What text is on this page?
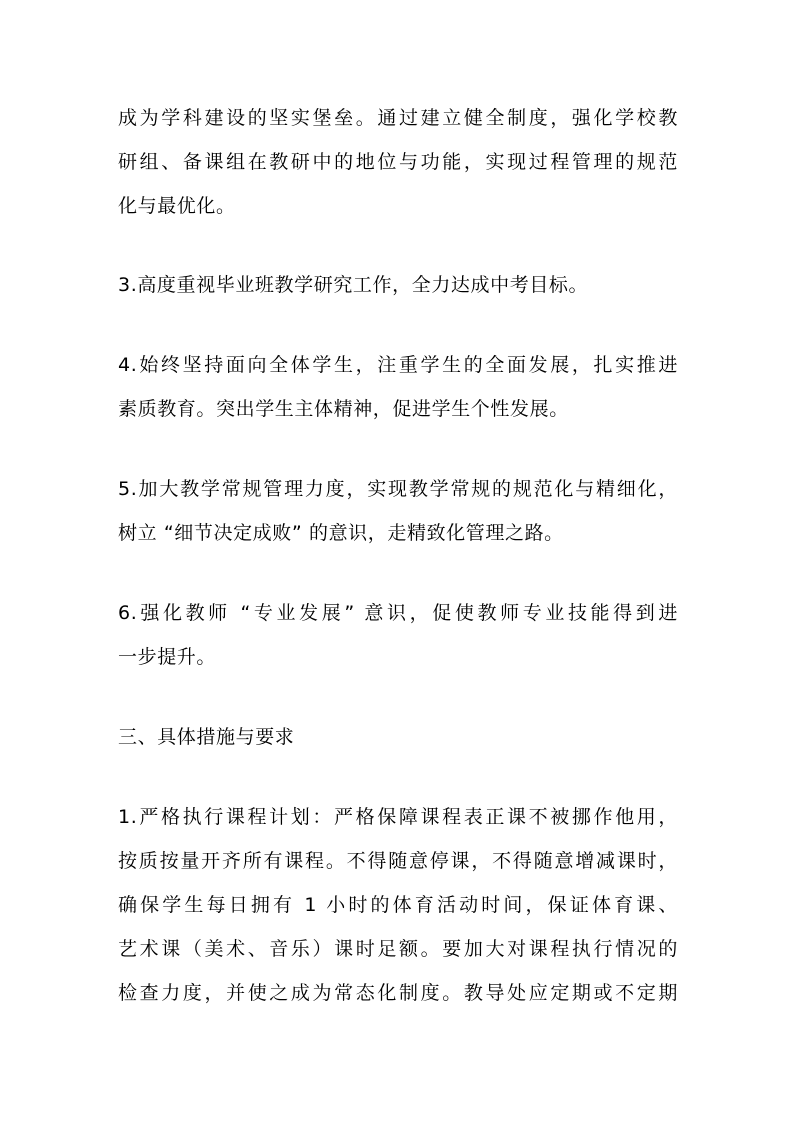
成为学科建设的坚实堡垒。通过建立健全制度，强化学校教
研组、备课组在教研中的地位与功能，实现过程管理的规范
化与最优化。
3.高度重视毕业班教学研究工作，全力达成中考目标。
4.始终坚持面向全体学生，注重学生的全面发展，扎实推进
素质教育。突出学生主体精神，促进学生个性发展。
5.加大教学常规管理力度，实现教学常规的规范化与精细化，
树立 “细节决定成败” 的意识，走精致化管理之路。
6.强化教师 “专业发展” 意识，促使教师专业技能得到进
一步提升。
三、具体措施与要求
1.严格执行课程计划：严格保障课程表正课不被挪作他用，
按质按量开齐所有课程。不得随意停课，不得随意增减课时，
确保学生每日拥有 1 小时的体育活动时间，保证体育课、
艺术课（美术、音乐）课时足额。要加大对课程执行情况的
检查力度，并使之成为常态化制度。教导处应定期或不定期
